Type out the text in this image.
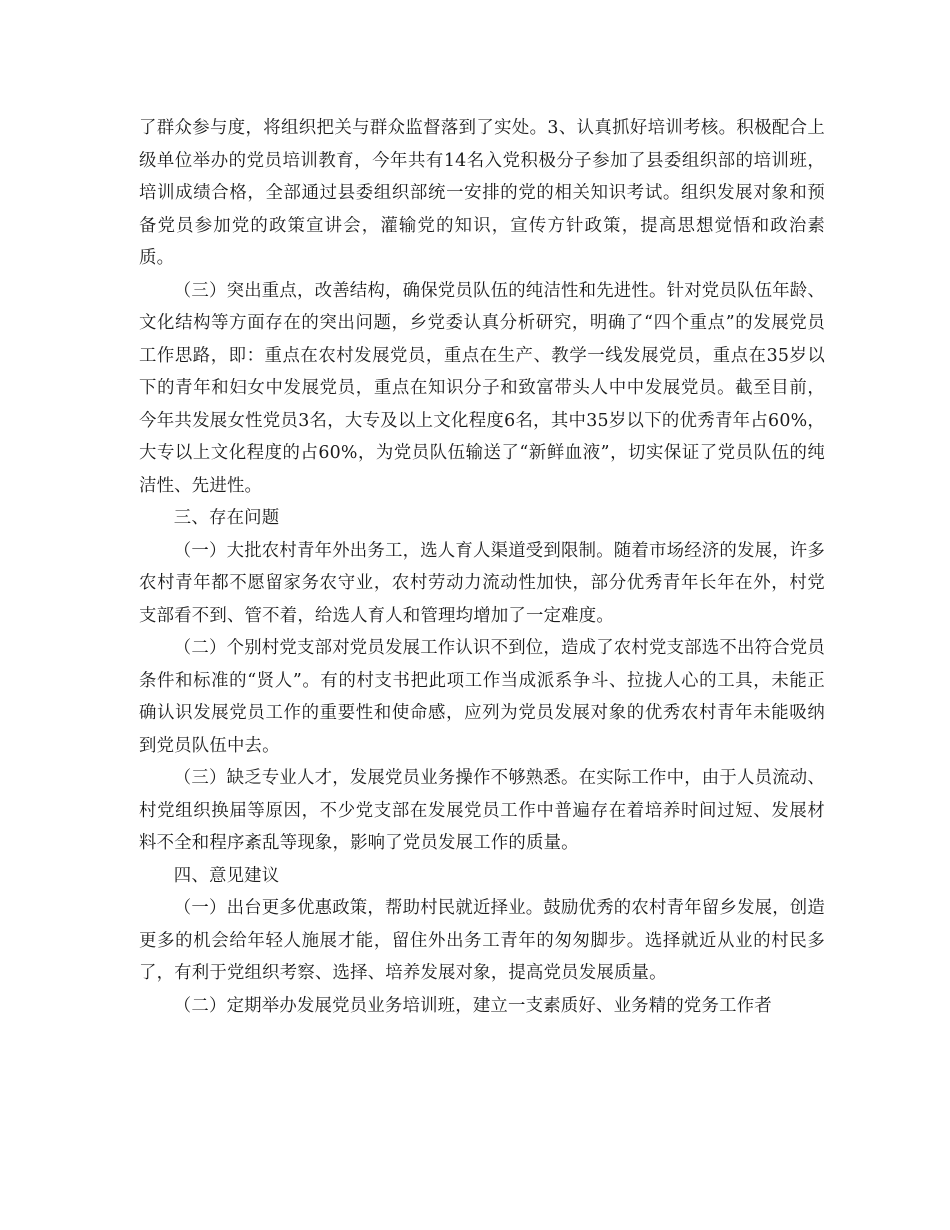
了群众参与度，将组织把关与群众监督落到了实处。3、认真抓好培训考核。积极配合上级单位举办的党员培训教育，今年共有14名入党积极分子参加了县委组织部的培训班，培训成绩合格，全部通过县委组织部统一安排的党的相关知识考试。组织发展对象和预备党员参加党的政策宣讲会，灌输党的知识，宣传方针政策，提高思想觉悟和政治素质。

（三）突出重点，改善结构，确保党员队伍的纯洁性和先进性。针对党员队伍年龄、文化结构等方面存在的突出问题，乡党委认真分析研究，明确了“四个重点”的发展党员工作思路，即：重点在农村发展党员，重点在生产、教学一线发展党员，重点在35岁以下的青年和妇女中发展党员，重点在知识分子和致富带头人中中发展党员。截至目前，今年共发展女性党员3名，大专及以上文化程度6名，其中35岁以下的优秀青年占60%，大专以上文化程度的占60%，为党员队伍输送了“新鲜血液”，切实保证了党员队伍的纯洁性、先进性。

三、存在问题

（一）大批农村青年外出务工，选人育人渠道受到限制。随着市场经济的发展，许多农村青年都不愿留家务农守业，农村劳动力流动性加快，部分优秀青年长年在外，村党支部看不到、管不着，给选人育人和管理均增加了一定难度。

（二）个别村党支部对党员发展工作认识不到位，造成了农村党支部选不出符合党员条件和标准的“贤人”。有的村支书把此项工作当成派系争斗、拉拢人心的工具，未能正确认识发展党员工作的重要性和使命感，应列为党员发展对象的优秀农村青年未能吸纳到党员队伍中去。

（三）缺乏专业人才，发展党员业务操作不够熟悉。在实际工作中，由于人员流动、村党组织换届等原因，不少党支部在发展党员工作中普遍存在着培养时间过短、发展材料不全和程序紊乱等现象，影响了党员发展工作的质量。

四、意见建议

（一）出台更多优惠政策，帮助村民就近择业。鼓励优秀的农村青年留乡发展，创造更多的机会给年轻人施展才能，留住外出务工青年的匆匆脚步。选择就近从业的村民多了，有利于党组织考察、选择、培养发展对象，提高党员发展质量。

（二）定期举办发展党员业务培训班，建立一支素质好、业务精的党务工作者
